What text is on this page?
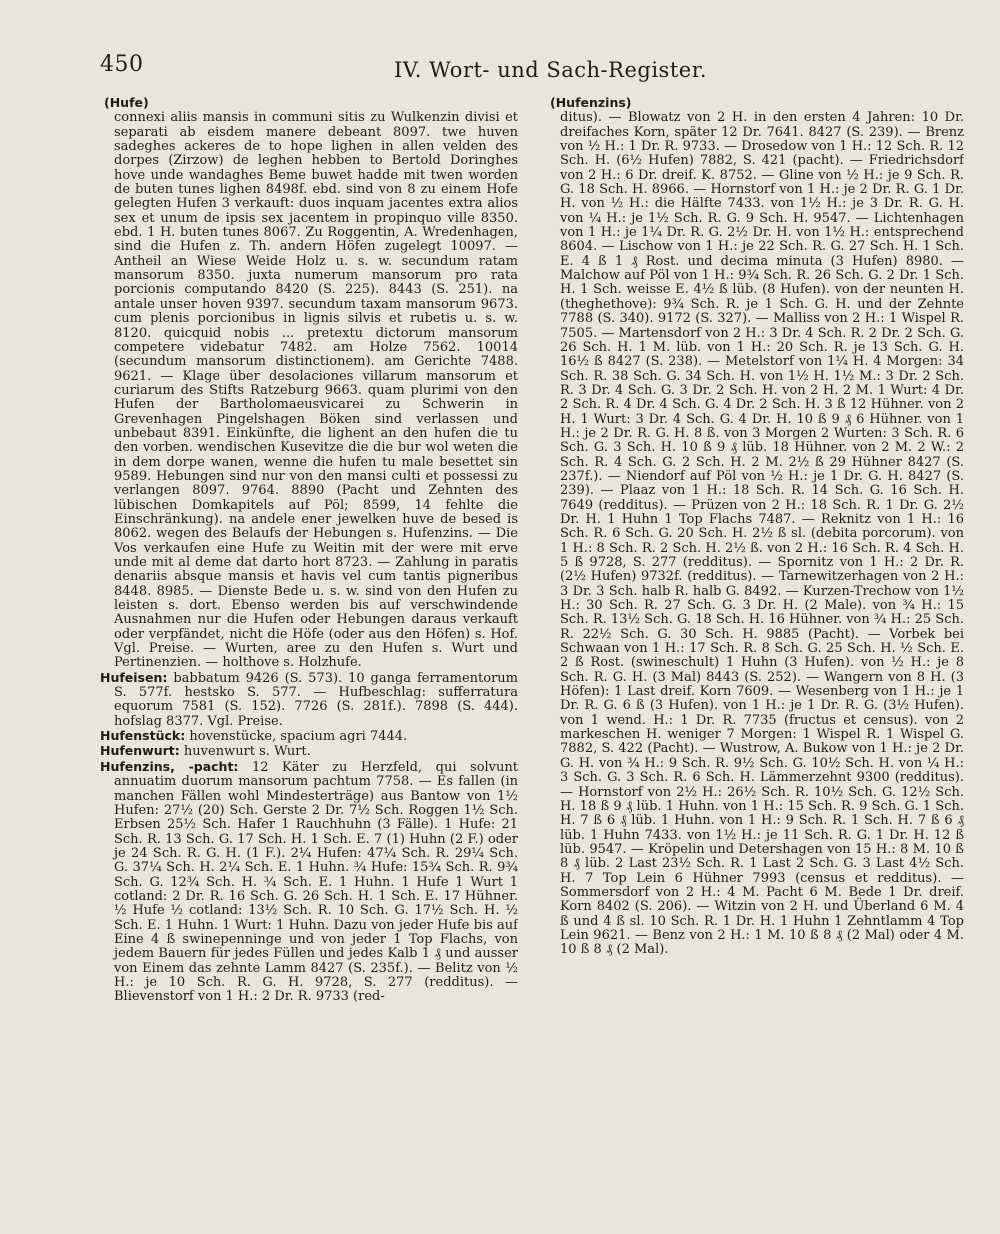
450	IV. Wort- und Sach-Register.
(Hufe)

connexi aliis mansis in communi sitis zu Wulkenzin divisi et separati ab eisdem manere debeant 8097. twe huven sadeghes ackeres de to hope lighen in allen velden des dorpes (Zirzow) de leghen hebben to Bertold Doringhes hove unde wandaghes Beme buwet hadde mit twen worden de buten tunes lighen 8498f. ebd. sind von 8 zu einem Hofe gelegten Hufen 3 verkauft: duos inquam jacentes extra alios sex et unum de ipsis sex jacentem in propinquo ville 8350. ebd. 1 H. buten tunes 8067. Zu Roggentin, A. Wredenhagen, sind die Hufen z. Th. andern Höfen zugelegt 10097. — Antheil an Wiese Weide Holz u. s. w. secundum ratam mansorum 8350. juxta numerum mansorum pro rata porcionis computando 8420 (S. 225). 8443 (S. 251). na antale unser hoven 9397. secundum taxam mansorum 9673. cum plenis porcionibus in lignis silvis et rubetis u. s. w. 8120. quicquid nobis ... pretextu dictorum mansorum competere videbatur 7482. am Holze 7562. 10014 (secundum mansorum distinctionem). am Gerichte 7488. 9621. — Klage über desolaciones villarum mansorum et curiarum des Stifts Ratzeburg 9663. quam plurimi von den Hufen der Bartholomaeusvicarei zu Schwerin in Grevenhagen Pingelshagen Böken sind verlassen und unbebaut 8391. Einkünfte, die lighent an den hufen die tu den vorben. wendischen Kusevitze die die bur wol weten die in dem dorpe wanen, wenne die hufen tu male besettet sin 9589. Hebungen sind nur von den mansi culti et possessi zu verlangen 8097. 9764. 8890 (Pacht und Zehnten des lübischen Domkapitels auf Pöl; 8599, 14 fehlte die Einschränkung). na andele ener jewelken huve de besed is 8062. wegen des Belaufs der Hebungen s. Hufenzins. — Die Vos verkaufen eine Hufe zu Weitin mit der were mit erve unde mit al deme dat darto hort 8723. — Zahlung in paratis denariis absque mansis et havis vel cum tantis pigneribus 8448. 8985. — Dienste Bede u. s. w. sind von den Hufen zu leisten s. dort. Ebenso werden bis auf verschwindende Ausnahmen nur die Hufen oder Hebungen daraus verkauft oder verpfändet, nicht die Höfe (oder aus den Höfen) s. Hof. Vgl. Preise. — Wurten, aree zu den Hufen s. Wurt und Pertinenzien. — holthove s. Holzhufe.

Hufeisen: babbatum 9426 (S. 573). 10 ganga ferramentorum S. 577f. hestsko S. 577. — Hufbeschlag: sufferratura equorum 7581 (S. 152). 7726 (S. 281f.). 7898 (S. 444). hofslag 8377. Vgl. Preise.

Hufenstück: hovenstücke, spacium agri 7444.

Hufenwurt: huvenwurt s. Wurt.

Hufenzins, -pacht: 12 Käter zu Herzfeld, qui solvunt annuatim duorum mansorum pachtum 7758. — Es fallen (in manchen Fällen wohl Mindesterträge) aus Bantow von 1½ Hufen: 27½ (20) Sch. Gerste 2 Dr. 7½ Sch. Roggen 1½ Sch. Erbsen 25½ Sch. Hafer 1 Rauchhuhn (3 Fälle). 1 Hufe: 21 Sch. R. 13 Sch. G. 17 Sch. H. 1 Sch. E. 7 (1) Huhn (2 F.) oder je 24 Sch. R. G. H. (1 F.). 2¼ Hufen: 47¼ Sch. R. 29¼ Sch. G. 37¼ Sch. H. 2¼ Sch. E. 1 Huhn. ¾ Hufe: 15¾ Sch. R. 9¾ Sch. G. 12¾ Sch. H. ¾ Sch. E. 1 Huhn. 1 Hufe 1 Wurt 1 cotland: 2 Dr. R. 16 Sch. G. 26 Sch. H. 1 Sch. E. 17 Hühner. ½ Hufe ½ cotland: 13½ Sch. R. 10 Sch. G. 17½ Sch. H. ½ Sch. E. 1 Huhn. 1 Wurt: 1 Huhn. Dazu von jeder Hufe bis auf Eine 4 ß swinepenninge und von jeder 1 Top Flachs, von jedem Bauern für jedes Füllen und jedes Kalb 1 ₰ und ausser von Einem das zehnte Lamm 8427 (S. 235f.). — Belitz von ½ H.: je 10 Sch. R. G. H. 9728, S. 277 (redditus). — Blievenstorf von 1 H.: 2 Dr. R. 9733 (red-

(Hufenzins)

ditus). — Blowatz von 2 H. in den ersten 4 Jahren: 10 Dr. dreifaches Korn, später 12 Dr. 7641. 8427 (S. 239). — Brenz von ½ H.: 1 Dr. R. 9733. — Drosedow von 1 H.: 12 Sch. R. 12 Sch. H. (6½ Hufen) 7882, S. 421 (pacht). — Friedrichsdorf von 2 H.: 6 Dr. dreif. K. 8752. — Gline von ½ H.: je 9 Sch. R. G. 18 Sch. H. 8966. — Hornstorf von 1 H.: je 2 Dr. R. G. 1 Dr. H. von ½ H.: die Hälfte 7433. von 1½ H.: je 3 Dr. R. G. H. von ¼ H.: je 1½ Sch. R. G. 9 Sch. H. 9547. — Lichtenhagen von 1 H.: je 1¼ Dr. R. G. 2½ Dr. H. von 1½ H.: entsprechend 8604. — Lischow von 1 H.: je 22 Sch. R. G. 27 Sch. H. 1 Sch. E. 4 ß 1 ₰ Rost. und decima minuta (3 Hufen) 8980. — Malchow auf Pöl von 1 H.: 9¾ Sch. R. 26 Sch. G. 2 Dr. 1 Sch. H. 1 Sch. weisse E. 4½ ß lüb. (8 Hufen). von der neunten H. (theghethove): 9¾ Sch. R. je 1 Sch. G. H. und der Zehnte 7788 (S. 340). 9172 (S. 327). — Malliss von 2 H.: 1 Wispel R. 7505. — Martensdorf von 2 H.: 3 Dr. 4 Sch. R. 2 Dr. 2 Sch. G. 26 Sch. H. 1 M. lüb. von 1 H.: 20 Sch. R. je 13 Sch. G. H. 16½ ß 8427 (S. 238). — Metelstorf von 1¼ H. 4 Morgen: 34 Sch. R. 38 Sch. G. 34 Sch. H. von 1½ H. 1½ M.: 3 Dr. 2 Sch. R. 3 Dr. 4 Sch. G. 3 Dr. 2 Sch. H. von 2 H. 2 M. 1 Wurt: 4 Dr. 2 Sch. R. 4 Dr. 4 Sch. G. 4 Dr. 2 Sch. H. 3 ß 12 Hühner. von 2 H. 1 Wurt: 3 Dr. 4 Sch. G. 4 Dr. H. 10 ß 9 ₰ 6 Hühner. von 1 H.: je 2 Dr. R. G. H. 8 ß. von 3 Morgen 2 Wurten: 3 Sch. R. 6 Sch. G. 3 Sch. H. 10 ß 9 ₰ lüb. 18 Hühner. von 2 M. 2 W.: 2 Sch. R. 4 Sch. G. 2 Sch. H. 2 M. 2½ ß 29 Hühner 8427 (S. 237f.). — Niendorf auf Pöl von ½ H.: je 1 Dr. G. H. 8427 (S. 239). — Plaaz von 1 H.: 18 Sch. R. 14 Sch. G. 16 Sch. H. 7649 (redditus). — Prüzen von 2 H.: 18 Sch. R. 1 Dr. G. 2½ Dr. H. 1 Huhn 1 Top Flachs 7487. — Reknitz von 1 H.: 16 Sch. R. 6 Sch. G. 20 Sch. H. 2½ ß sl. (debita porcorum). von 1 H.: 8 Sch. R. 2 Sch. H. 2½ ß. von 2 H.: 16 Sch. R. 4 Sch. H. 5 ß 9728, S. 277 (redditus). — Spornitz von 1 H.: 2 Dr. R. (2½ Hufen) 9732f. (redditus). — Tarnewitzerhagen von 2 H.: 3 Dr. 3 Sch. halb R. halb G. 8492. — Kurzen-Trechow von 1½ H.: 30 Sch. R. 27 Sch. G. 3 Dr. H. (2 Male). von ¾ H.: 15 Sch. R. 13½ Sch. G. 18 Sch. H. 16 Hühner. von ¾ H.: 25 Sch. R. 22½ Sch. G. 30 Sch. H. 9885 (Pacht). — Vorbek bei Schwaan von 1 H.: 17 Sch. R. 8 Sch. G. 25 Sch. H. ½ Sch. E. 2 ß Rost. (swineschult) 1 Huhn (3 Hufen). von ½ H.: je 8 Sch. R. G. H. (3 Mal) 8443 (S. 252). — Wangern von 8 H. (3 Höfen): 1 Last dreif. Korn 7609. — Wesenberg von 1 H.: je 1 Dr. R. G. 6 ß (3 Hufen). von 1 H.: je 1 Dr. R. G. (3½ Hufen). von 1 wend. H.: 1 Dr. R. 7735 (fructus et census). von 2 markeschen H. weniger 7 Morgen: 1 Wispel R. 1 Wispel G. 7882, S. 422 (Pacht). — Wustrow, A. Bukow von 1 H.: je 2 Dr. G. H. von ¾ H.: 9 Sch. R. 9½ Sch. G. 10½ Sch. H. von ¼ H.: 3 Sch. G. 3 Sch. R. 6 Sch. H. Lämmerzehnt 9300 (redditus). — Hornstorf von 2½ H.: 26½ Sch. R. 10½ Sch. G. 12½ Sch. H. 18 ß 9 ₰ lüb. 1 Huhn. von 1 H.: 15 Sch. R. 9 Sch. G. 1 Sch. H. 7 ß 6 ₰ lüb. 1 Huhn. von 1 H.: 9 Sch. R. 1 Sch. H. 7 ß 6 ₰ lüb. 1 Huhn 7433. von 1½ H.: je 11 Sch. R. G. 1 Dr. H. 12 ß lüb. 9547. — Kröpelin und Detershagen von 15 H.: 8 M. 10 ß 8 ₰ lüb. 2 Last 23½ Sch. R. 1 Last 2 Sch. G. 3 Last 4½ Sch. H. 7 Top Lein 6 Hühner 7993 (census et redditus). — Sommersdorf von 2 H.: 4 M. Pacht 6 M. Bede 1 Dr. dreif. Korn 8402 (S. 206). — Witzin von 2 H. und Überland 6 M. 4 ß und 4 ß sl. 10 Sch. R. 1 Dr. H. 1 Huhn 1 Zehntlamm 4 Top Lein 9621. — Benz von 2 H.: 1 M. 10 ß 8 ₰ (2 Mal) oder 4 M. 10 ß 8 ₰ (2 Mal).
